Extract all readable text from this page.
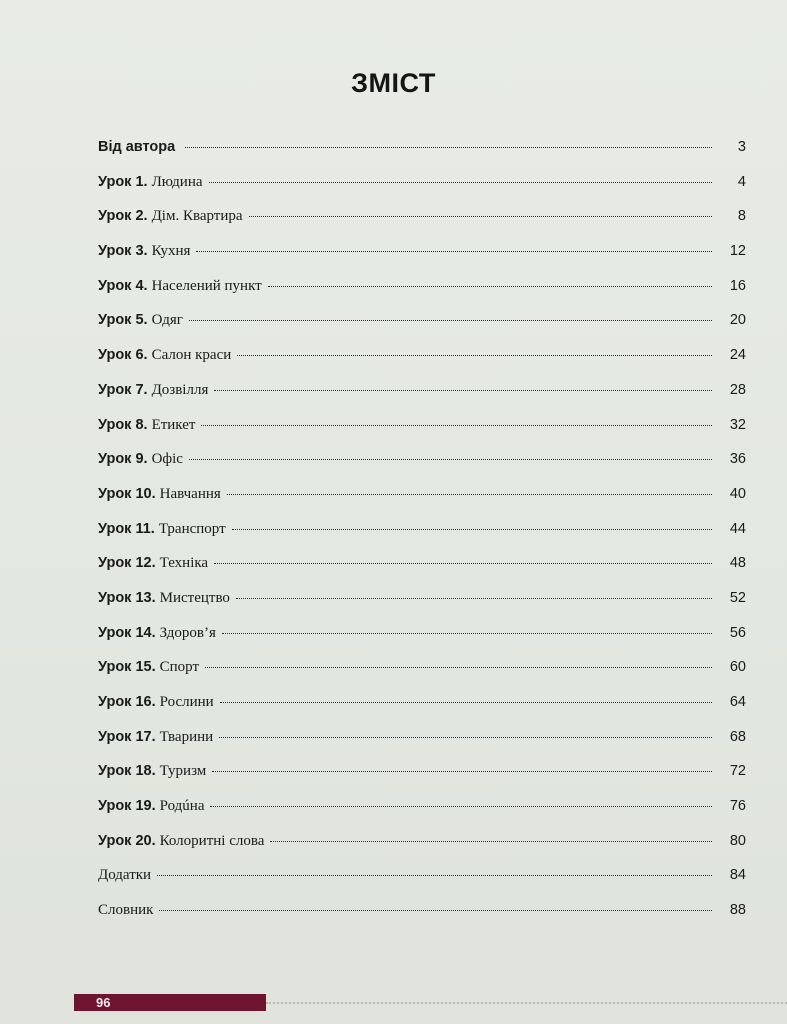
ЗМІСТ
Від автора	3
Урок 1. Людина	4
Урок 2. Дім. Квартира	8
Урок 3. Кухня	12
Урок 4. Населений пункт	16
Урок 5. Одяг	20
Урок 6. Салон краси	24
Урок 7. Дозвілля	28
Урок 8. Етикет	32
Урок 9. Офіс	36
Урок 10. Навчання	40
Урок 11. Транспорт	44
Урок 12. Техніка	48
Урок 13. Мистецтво	52
Урок 14. Здоров’я	56
Урок 15. Спорт	60
Урок 16. Рослини	64
Урок 17. Тварини	68
Урок 18. Туризм	72
Урок 19. Родúна	76
Урок 20. Колоритні слова	80
Додатки	84
Словник	88
96
